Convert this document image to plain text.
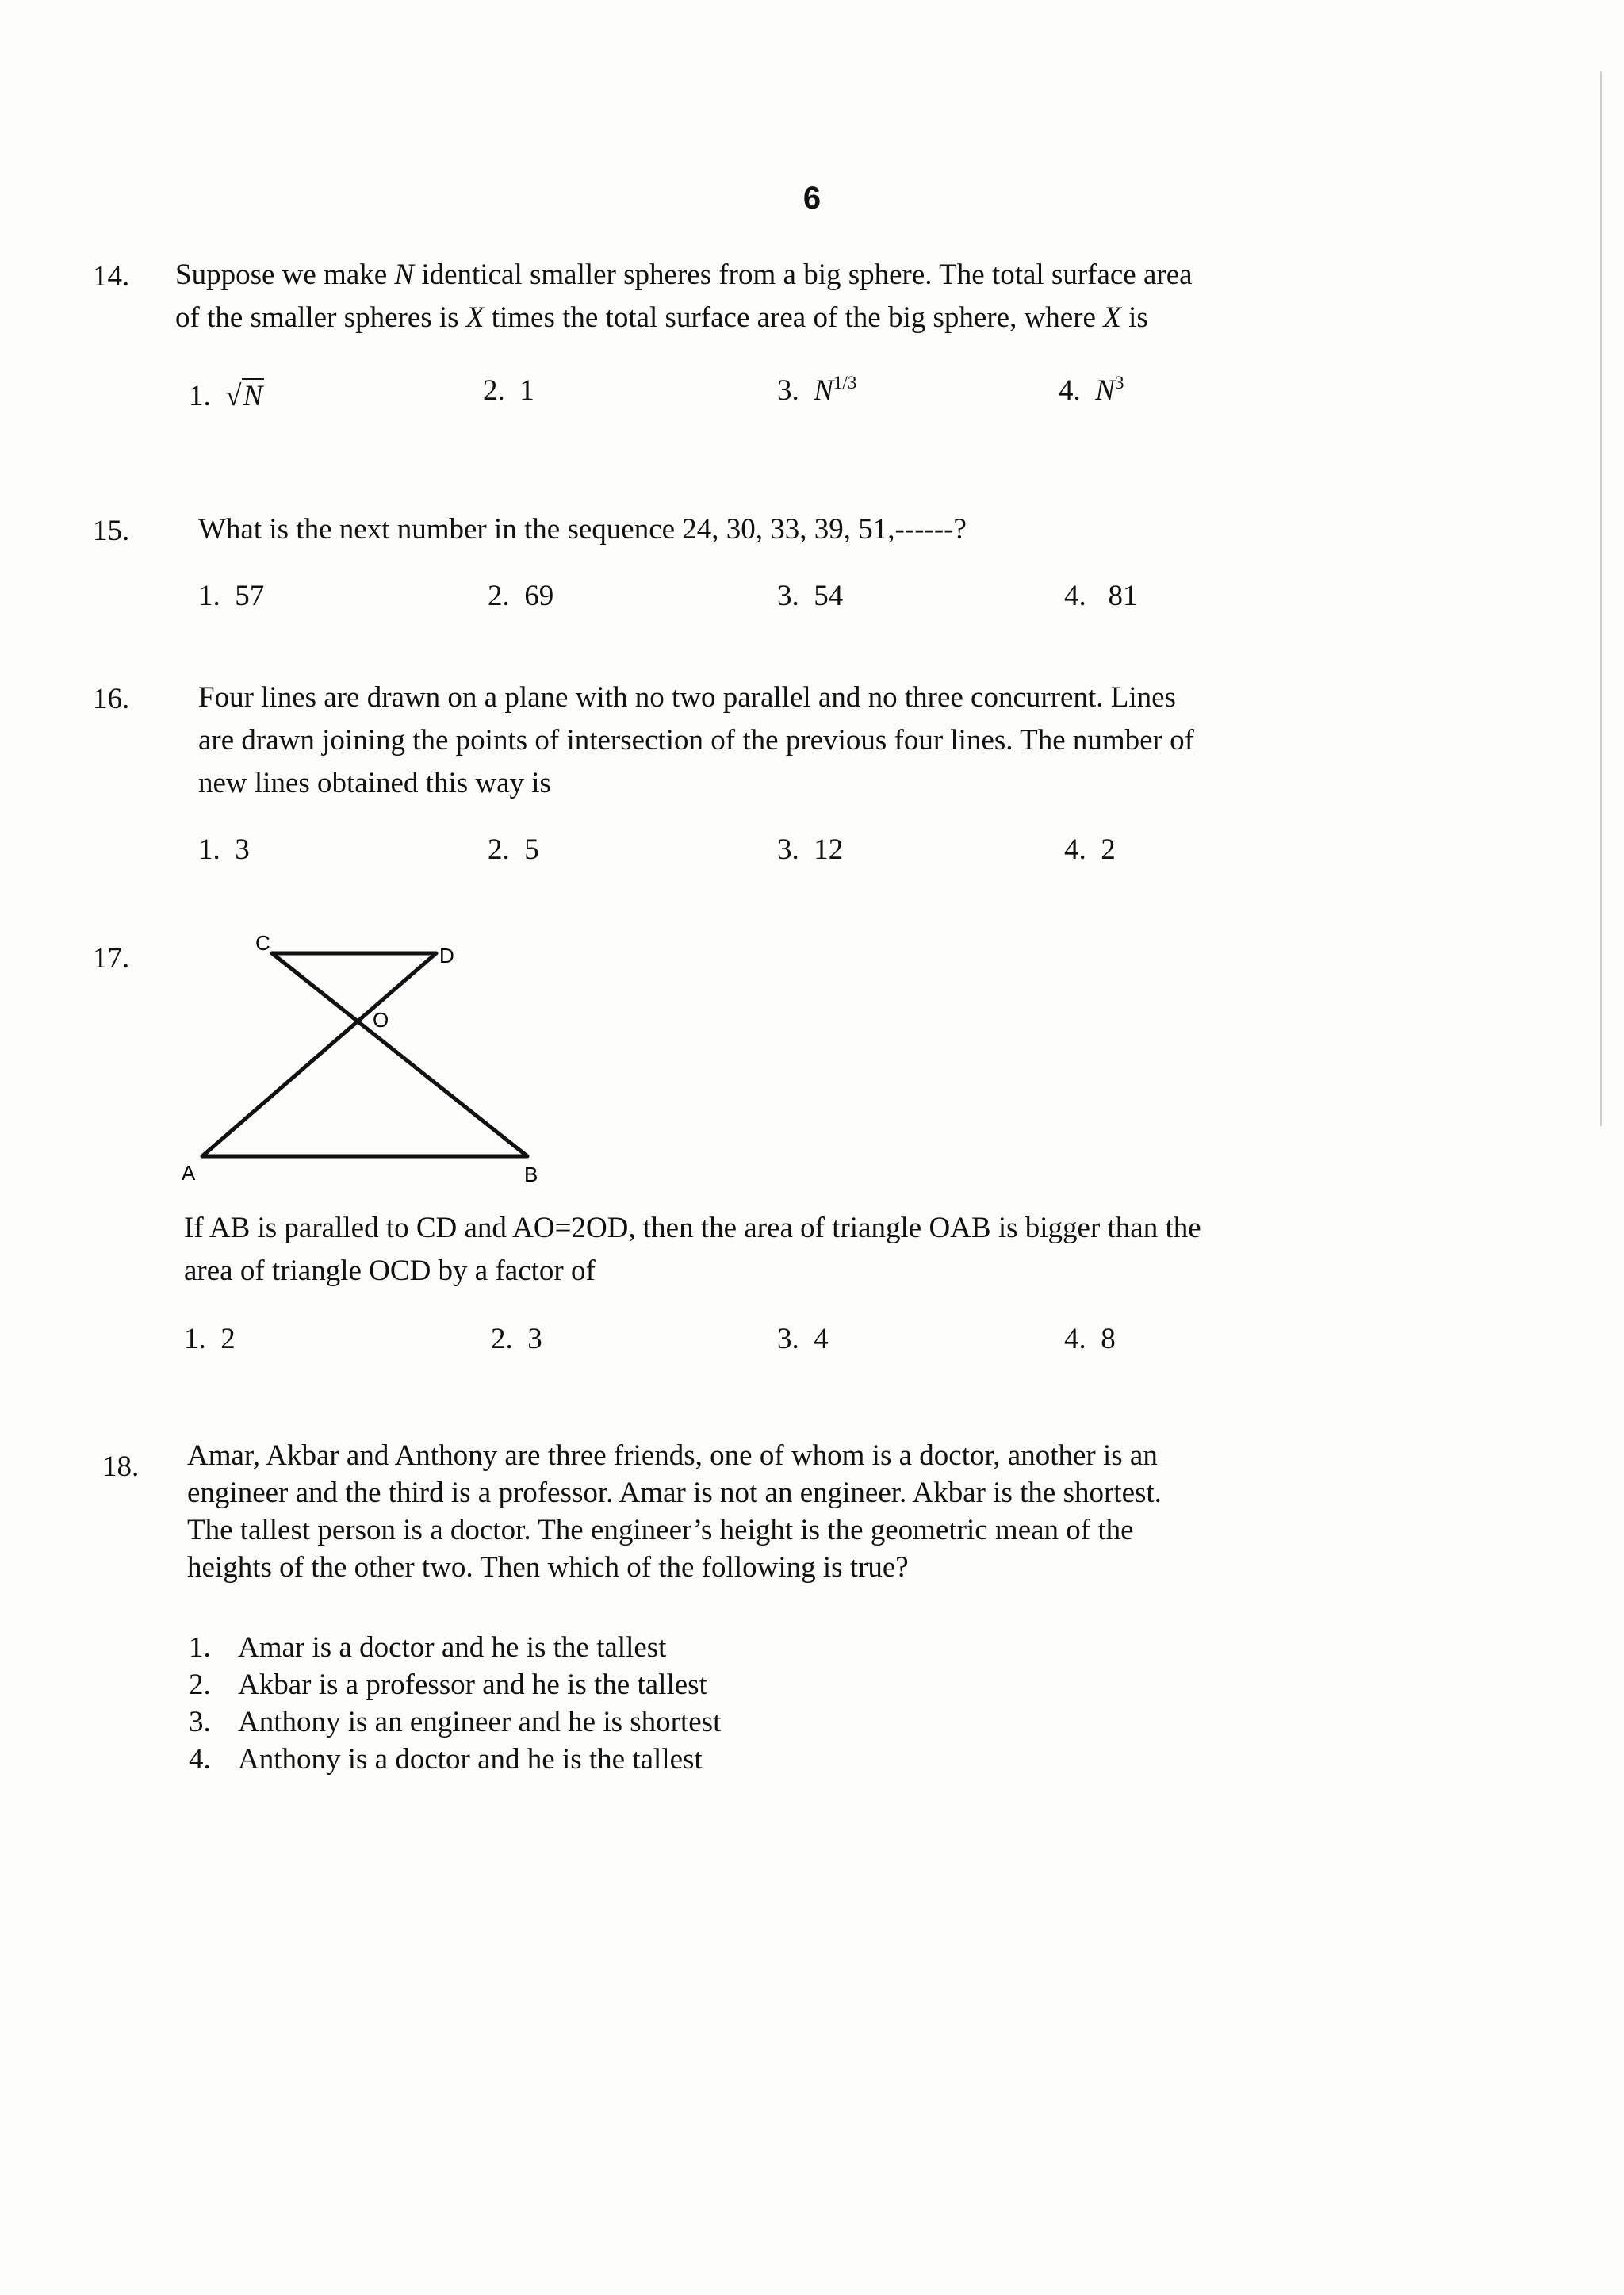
6
14. Suppose we make N identical smaller spheres from a big sphere. The total surface area
of the smaller spheres is X times the total surface area of the big sphere, where X is
1. √N	2. 1	3. $N^{1/3}$	4. $N^3$
15. What is the next number in the sequence 24, 30, 33, 39, 51,------?
1. 57	2. 69	3. 54	4. 81
16. Four lines are drawn on a plane with no two parallel and no three concurrent. Lines
are drawn joining the points of intersection of the previous four lines. The number of
new lines obtained this way is
1. 3	2. 5	3. 12	4. 2
17.	C
D
O
A	B
If AB is paralled to CD and AO=2OD, then the area of triangle OAB is bigger than the
area of triangle OCD by a factor of
1. 2	2. 3	3. 4	4. 8
18. Amar, Akbar and Anthony are three friends, one of whom is a doctor, another is an
engineer and the third is a professor. Amar is not an engineer. Akbar is the shortest.
The tallest person is a doctor. The engineer’s height is the geometric mean of the
heights of the other two. Then which of the following is true?
1. Amar is a doctor and he is the tallest
2. Akbar is a professor and he is the tallest
3. Anthony is an engineer and he is shortest
4. Anthony is a doctor and he is the tallest
